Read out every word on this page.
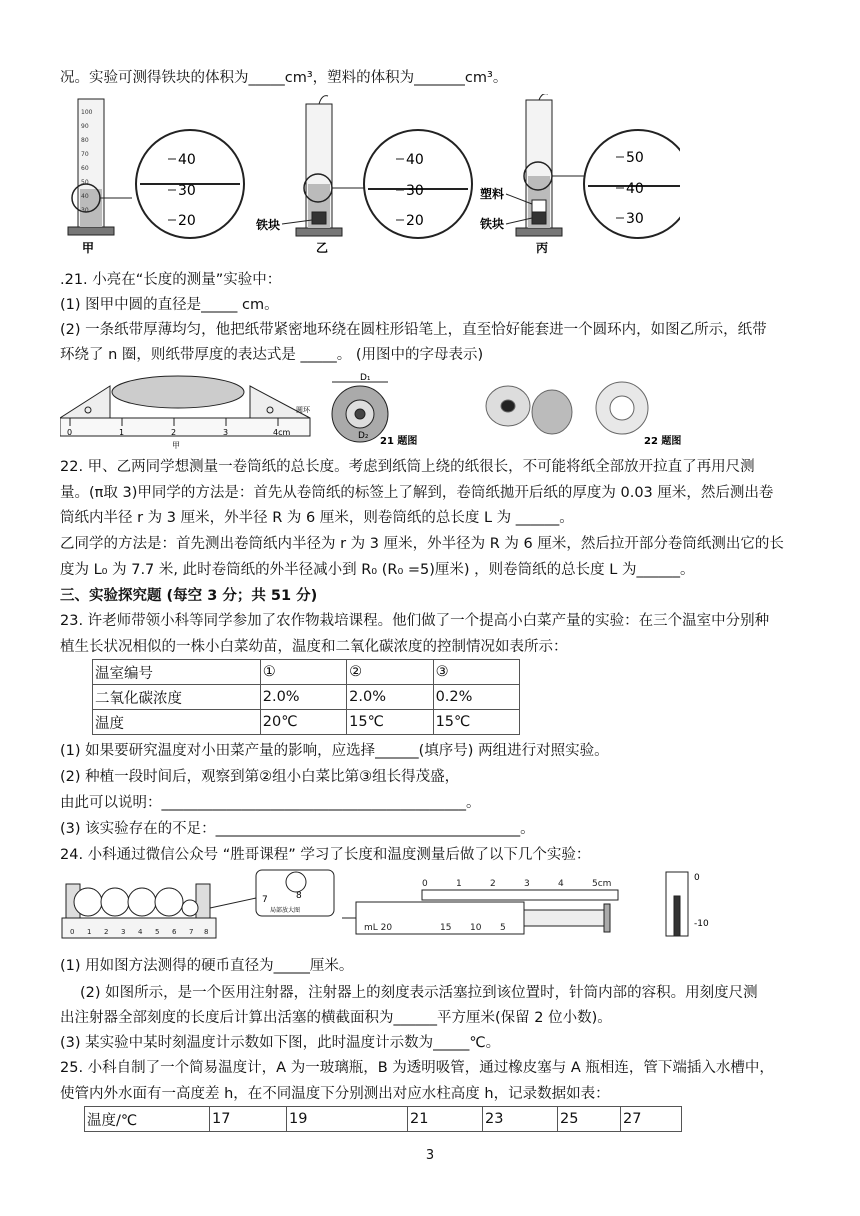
况。实验可测得铁块的体积为_____cm³，塑料的体积为_______cm³。
100
90
80
70
60
50
40
30
40
30
20
甲
40
30
20
铁块
乙
50
40
30
塑料
铁块
丙
.21. 小亮在“长度的测量”实验中：
(1) 图甲中圆的直径是_____ cm。
(2) 一条纸带厚薄均匀，他把纸带紧密地环绕在圆柱形铅笔上，直至恰好能套进一个圆环内，如图乙所示，纸带
环绕了 n 圈，则纸带厚度的表达式是 _____。 (用图中的字母表示)
0	1	2	3	4cm
甲
D₁
D₂
圆环
21 题图	22 题图
22. 甲、乙两同学想测量一卷筒纸的总长度。考虑到纸筒上绕的纸很长，不可能将纸全部放开拉直了再用尺测
量。(π取 3)甲同学的方法是：首先从卷筒纸的标签上了解到，卷筒纸拋开后纸的厚度为 0.03 厘米，然后测出卷
筒纸内半径 r 为 3 厘米，外半径 R 为 6 厘米，则卷筒纸的总长度 L 为 ______。
乙同学的方法是：首先测出卷筒纸内半径为 r 为 3 厘米，外半径为 R 为 6 厘米，然后拉开部分卷筒纸测出它的长
度为 L₀ 为 7.7 米, 此时卷筒纸的外半径减小到 R₀ (R₀ =5)厘米) ，则卷筒纸的总长度 L 为______。
三、实验探究题 (每空 3 分；共 51 分)
23. 许老师带领小科等同学参加了农作物栽培课程。他们做了一个提高小白菜产量的实验：在三个温室中分别种
植生长状况相似的一株小白菜幼苗，温度和二氧化碳浓度的控制情况如表所示：
温室编号	①	②	③
二氧化碳浓度	2.0%	2.0%	0.2%
温度	20℃	15℃	15℃
(1) 如果要研究温度对小田菜产量的影响，应选择______(填序号) 两组进行对照实验。
(2) 种植一段时间后，观察到第②组小白菜比第③组长得茂盛，
由此可以说明：__________________________________________。
(3) 该实验存在的不足：__________________________________________。
24. 小科通过微信公众号 “胜哥课程” 学习了长度和温度测量后做了以下几个实验：
0 1 2 3 4 5 6 7 8
7	8
局部放大图
0	1	2	3	4	5cm
mL 20	15 10 5
0
-10
(1) 用如图方法测得的硬币直径为_____厘米。
(2) 如图所示，是一个医用注射器，注射器上的刻度表示活塞拉到该位置时，针筒内部的容积。用刻度尺测
出注射器全部刻度的长度后计算出活塞的横截面积为______平方厘米(保留 2 位小数)。
(3) 某实验中某时刻温度计示数如下图，此时温度计示数为_____℃。
25. 小科自制了一个简易温度计，A 为一玻璃瓶，B 为透明吸管，通过橡皮塞与 A 瓶相连，管下端插入水槽中，
使管内外水面有一高度差 h，在不同温度下分别测出对应水柱高度 h，记录数据如表：
温度/℃	17	19	21	23	25	27
3
